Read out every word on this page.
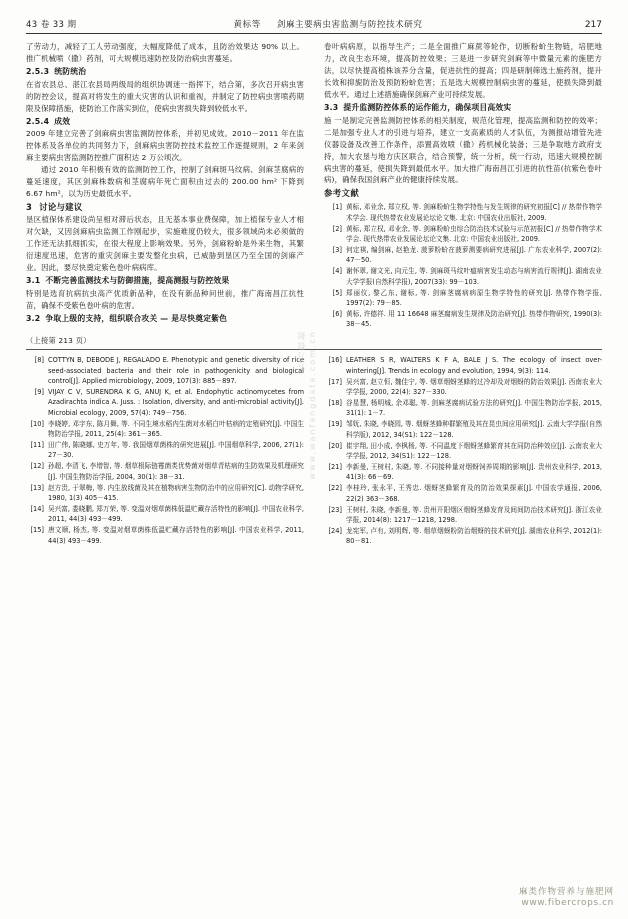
43 卷 33 期	黄标等 剑麻主要病虫害监测与防控技术研究	217

了劳动力，减轻了工人劳动强度，大幅度降低了成本，且防治效果达 90% 以上。推广机械喷（撒）药剂，可大规模迅速防控及防治病虫害蔓延。

2.5.3 统防统治

在省农县总、湛江农县局两级局的组织协调迷一指挥下，结合第，多次召开病虫害的防控会议，提高对将发生的重大灾害的认识和重视，并制定了防控病虫害喷药期限及保障措施，使防治工作落实到位，使病虫害损失降到较低水平。

2.5.4 成效

2009 年建立完善了剑麻病虫害监测防控体系，并初见成效。2010－2011 年在监控体系及各单位的共同努力下，剑麻病虫害防控技术监控工作逐提规则，2 年来剑麻主要病虫害监测防控推广面积达 2 万公顷次。

通过 2010 年积极有效的监测防控工作，控制了剑麻斑马纹病、剑麻茎腐病的蔓延速度，其区剑麻株数病和茎腐病年死亡面积由过去的 200.00 hm² 下降到 6.67 hm²，以为历史最低水平。

3 讨论与建议

垦区植保体系建设尚呈相对滞后状态，且无基本事业费保障，加上植保专业人才相对欠缺，又因剑麻病虫监测工作刚起步，实施难度仍较大，很多领域尚未必须做的工作还无法抓细抓实，在很大程度上影响效果。另外，剑麻粉蚧是外来生物，其繁衍速度迅速，危害的重灾剑麻主要发整化虫病，已威胁到垦区乃至全国的剑麻产业。因此，要尽快奠定紫色卷叶病病库。

3.1 不断完善监测技术与防御措施，提高测报与防控效果

特别是选育抗病抗虫高产优质新品种，在没有新品种问世前，推广海南昌江抗性苗，确保不受紫色卷叶病的危害。

3.2 争取上级的支持，组织联合攻关 — 是尽快奠定紫色

卷叶病病原，以指导生产；二是全面推广麻蔗等轮作，切断粉蚧生物链，培肥地力，改良生态环境，提高防控效果；三是进一步研究剑麻等中微量元素的施肥方法，以尽快提高植株该养分含量，促进抗性的提高；四是研制筛选土施药剂，提升长效和抑旎防治及预防粉蚧危害；五是选大规模控制病虫害的蔓延，使损失降到最低水平。通过上述措施确保剑麻产业可持续发展。

3.3 提升监测防控体系的运作能力，确保项目高效实

施 一是制定完善监测防控体系的相关制度，规范化管理，提高监测和防控的效率；二是加强专业人才的引进与培养，建立一支高素质的人才队伍，为测报站增管先进仪器设备及改善工作条件，添置高效喷（撒）药机械化装备；三是争取地方政府支持，加大农垦与地方庆区联合，结合预警，统一分析，统一行动，迅速大规模控制病虫害的蔓延，使损失降到最低水平。加大推广海南昌江引进的抗性苗(抗紫色卷叶病)，确保我国剑麻产业的健康持续发展。

参考文献

[1] 黄标, 邓业余, 郑立权, 等. 剑麻粉蚧生物学特性与发生规律的研究初报[C] // 热带作物学术学会. 现代热带农业发展论坛论文集. 北京: 中国农业出版社, 2009.
[2] 黄标, 郑立权, 邓业余, 等. 剑麻粉蚧虫综合防治技术试验与示范初报[C] // 热带作物学术学会. 现代热带农业发展论坛论文集. 北京: 中国农业出版社, 2009.
[3] 何定祺, 编剑麻, 赵艳龙. 菠萝粉蚧在菠萝测要病研究进展[J]. 广东农业科学, 2007(2): 47－50.
[4] 谢怀翠, 谢文光, 向元生, 等. 剑麻斑马纹叶瘟病害发生动态与病害流行规律[J]. 湖南农业大学学报(自然科学报), 2007(33): 99－103.
[5] 郑丽仪, 黎乙东, 谢标, 等. 剑麻茎腐病病原生物学特性的研究[J]. 热带作物学报, 1997(2): 79－85.
[6] 黄标, 许德祥. 用 11 16648 麻茎腐病发生规律及防治研究[J]. 热带作物研究, 1990(3): 38－45.
（上接第 213 页）
[8] COTTYN B, DEBODE J, REGALADO E. Phenotypic and genetic diversity of rice seed-associated bacteria and their role in pathogenicity and biological control[J]. Applied microbiology, 2009, 107(3): 885－897.
[9] VIJAY C V, SURENDRA K G, ANUJ K, et al. Endophytic actinomycetes from Azadirachta indica A. Juss. : Isolation, diversity, and anti-microbial activity[J]. Microbial ecology, 2009, 57(4): 749－756.
[10] 李晓婷, 邓宇东, 陈月舞, 等. 不同生境水稻内生菌对水稻白叶枯病的定殖研究[J]. 中国生物防治学报, 2011, 25(4): 361－365.
[11] 田广伟, 陈晓娜, 史万年, 等. 我国烟草菌株的研究进展[J]. 中国烟草科学, 2006, 27(1): 27－30.
[12] 孙超, 李清飞, 李增智, 等. 烟草根际链霉菌类优势菌对烟草青枯病的生防效果及机理研究[J]. 中国生物防治学报, 2004, 30(1): 38－31.
[13] 赵方贵, 于翠梅, 等. 内生放线菌及其在植物病害生物防治中的应用研究[C]. 动物学研究, 1980, 1(3) 405－415.
[14] 吴兴富, 娄晓鹏, 郑万荣, 等. 变温对烟草菌株低温贮藏存活特性的影响[J]. 中国农业科学, 2011, 44(3) 493－499.
[15] 唐文顺, 杨杰, 等. 变温对烟草菌株低温贮藏存活特性的影响[J]. 中国农业科学, 2011, 44(3) 493－499.
[16] LEATHER S R, WALTERS K F A, BALE J S. The ecology of insect over-wintering[J]. Trends in ecology and evolution, 1994, 9(3): 114.
[17] 吴兴富, 赵立恒, 魏佳宁, 等. 烟草烟蚜茎蜂的过冷却及对烟蚜的防治效果[J]. 西南农业大学学报, 2000, 22(4): 327－330.
[18] 谷星慧, 杨明城, 余邓聪, 等. 剑麻茎腐病试验方法的研究[J]. 中国生物防治学报, 2015, 31(1): 1－7.
[19] 邹妩, 朱晓, 李晓园, 等. 烟蚜茎蜂种群繁殖及其在昆虫间应用研究[J]. 云南大学学报(自然科学版), 2012, 34(S1): 122－128.
[20] 崔宇翔, 田小成, 李枫杨, 等. 不同温度下烟蚜茎蜂繁育其在同防治种效应[J]. 云南农业大学学报, 2012, 34(S1): 122－128.
[21] 李新曼, 王树村, 朱晓, 等. 不同接种量对烟蚜饲养周期的影响[J]. 贵州农业科学, 2013, 41(3): 66－69.
[22] 李桂玲, 张永平, 王秀忠. 烟蚜茎蜂繁育及的防治效果探素[J]. 中国农学通报, 2006, 22(2) 363－368.
[23] 王树村, 朱晓, 李新曼, 等. 贵州开阳烟区烟蚜茎蜂发育及间间防治技术研究[J]. 浙江农业学报, 2014(8): 1217－1218, 1298.
[24] 龙宪军, 卢有, 刘明辉, 等. 烟草烟蚜粉防治烟蚜的技术研究[J]. 湖南农业科学, 2012(1): 80－81.
万方数据 www.wanfangdata.com.cn
麻类作物营养与施肥网
www.fibercrops.cn
